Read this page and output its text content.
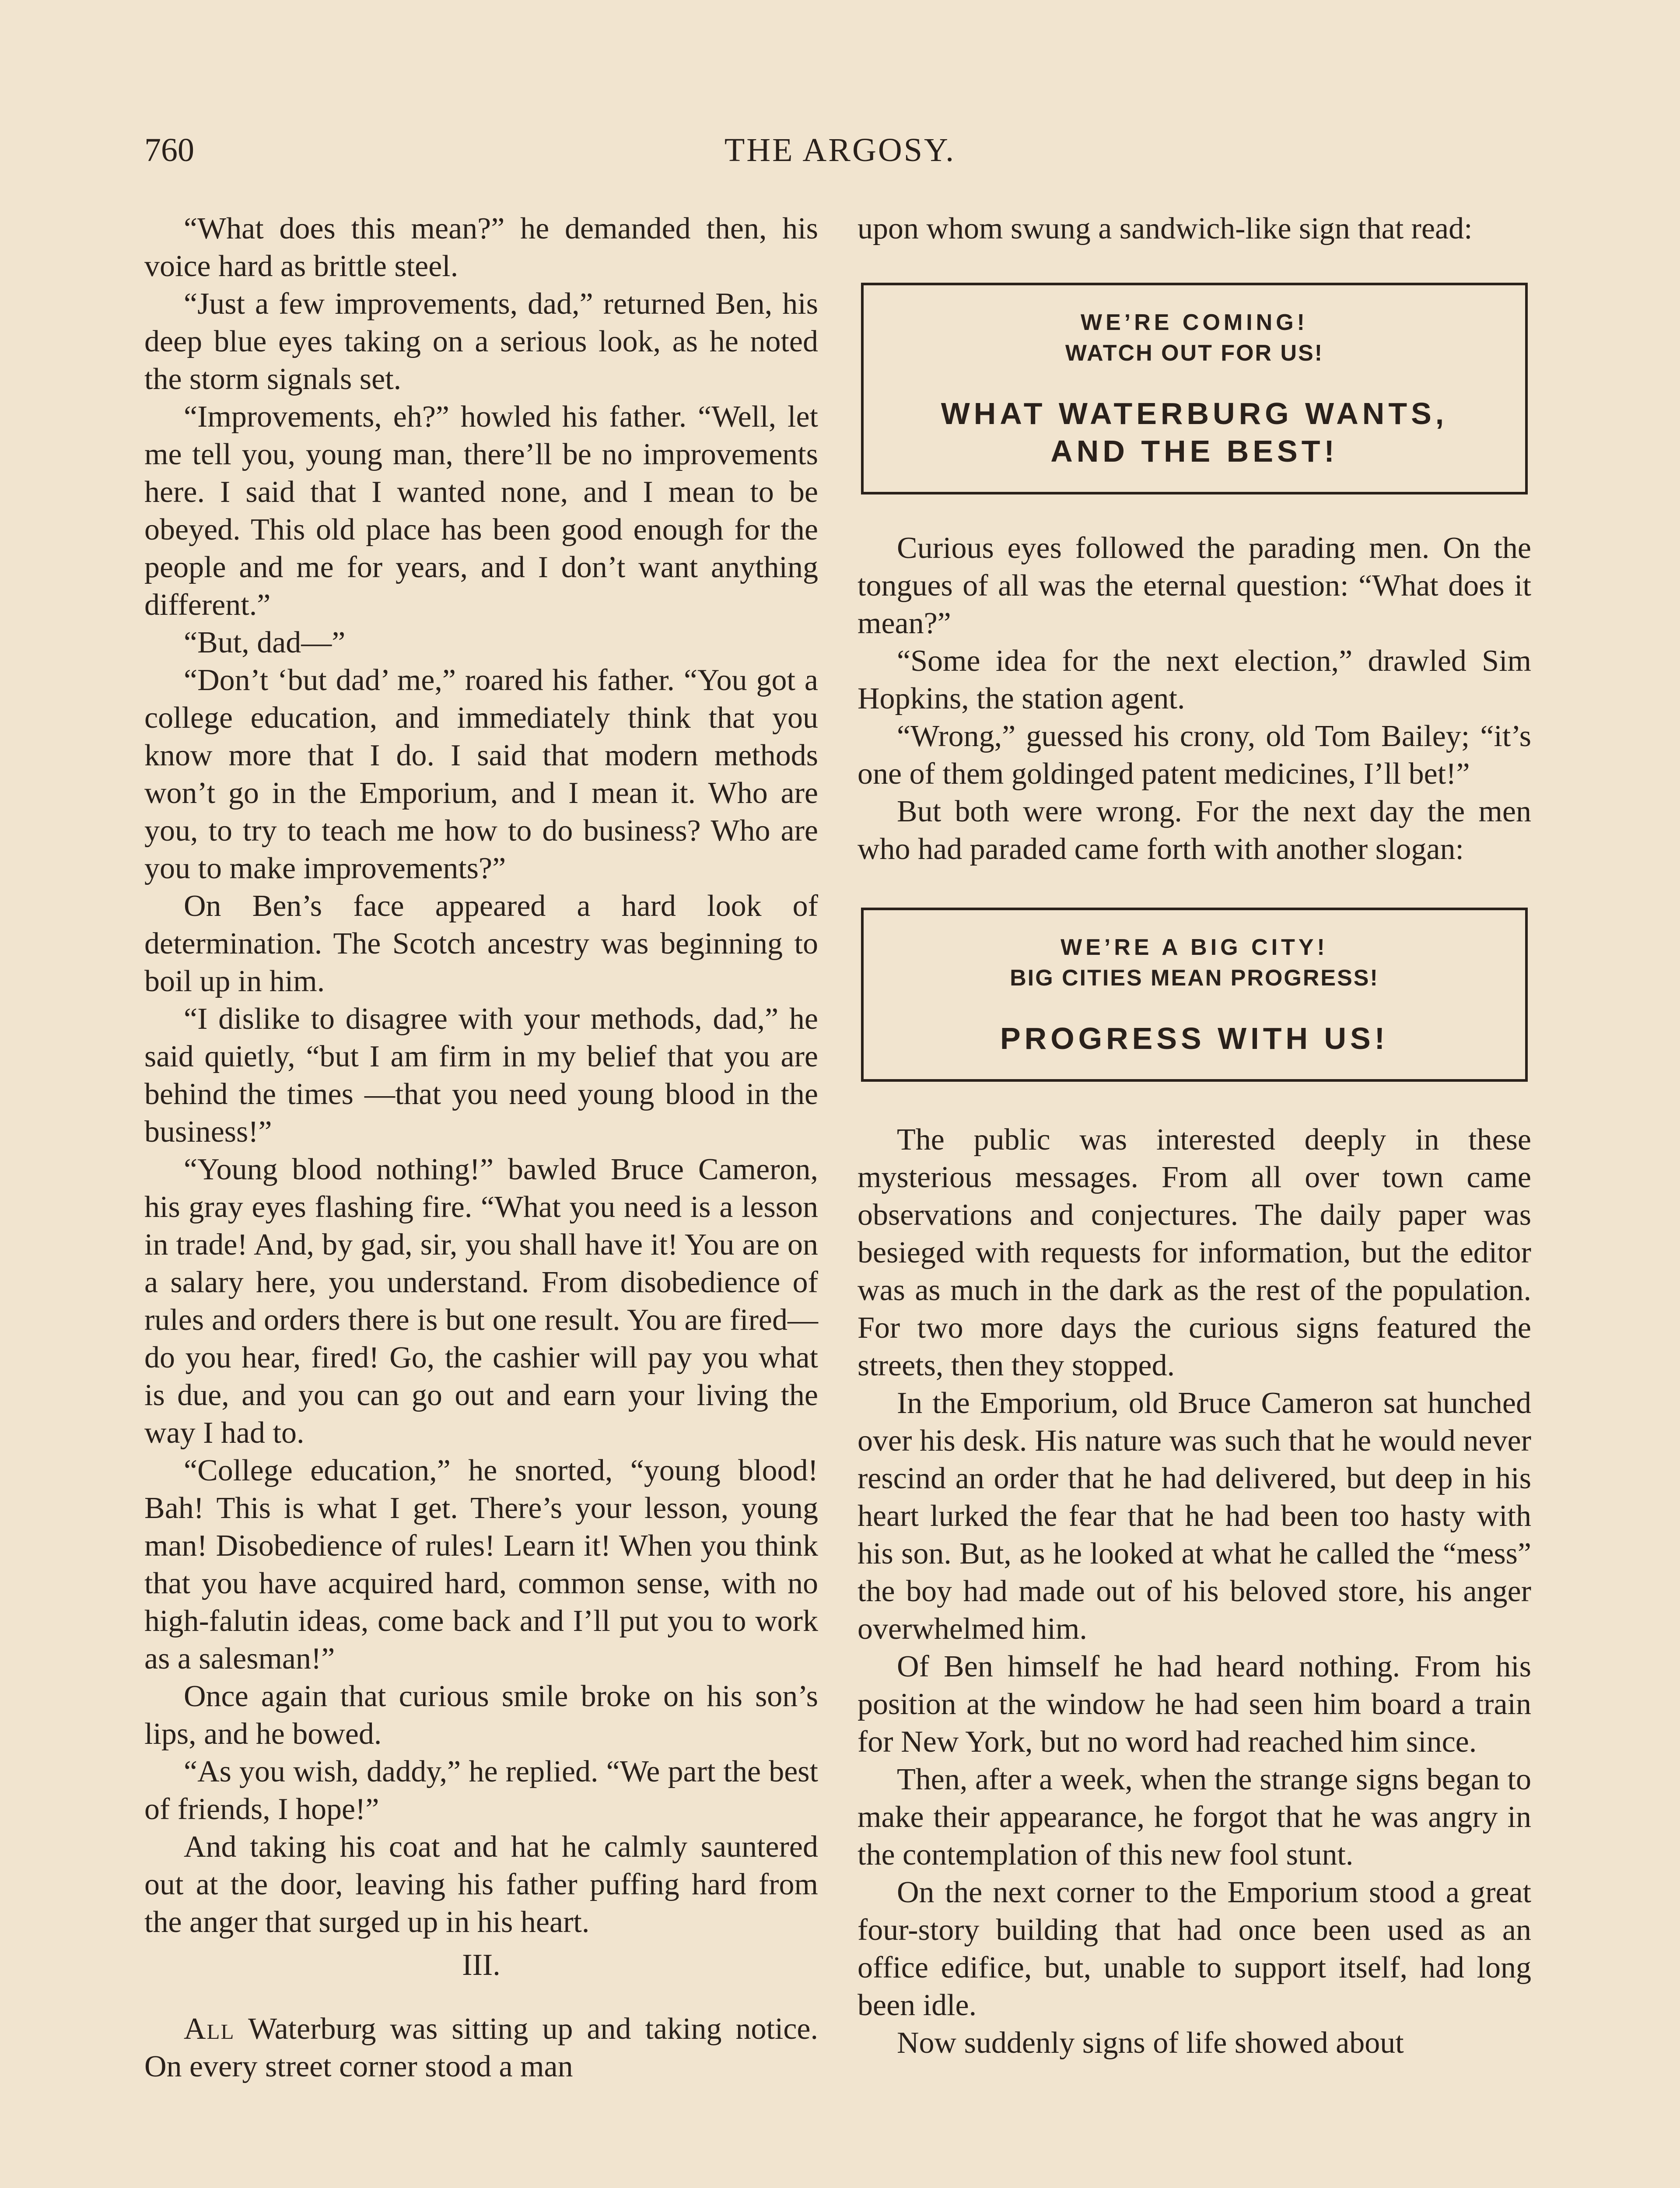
760	THE ARGOSY.

“What does this mean?” he demanded then, his voice hard as brittle steel.

“Just a few improvements, dad,” returned Ben, his deep blue eyes taking on a serious look, as he noted the storm signals set.

“Improvements, eh?” howled his father. “Well, let me tell you, young man, there’ll be no improvements here. I said that I wanted none, and I mean to be obeyed. This old place has been good enough for the people and me for years, and I don’t want anything different.”

“But, dad—”

“Don’t ‘but dad’ me,” roared his father. “You got a college education, and immediately think that you know more that I do. I said that modern methods won’t go in the Emporium, and I mean it. Who are you, to try to teach me how to do business? Who are you to make improvements?”

On Ben’s face appeared a hard look of determination. The Scotch ancestry was beginning to boil up in him.

“I dislike to disagree with your methods, dad,” he said quietly, “but I am firm in my belief that you are behind the times —that you need young blood in the business!”

“Young blood nothing!” bawled Bruce Cameron, his gray eyes flashing fire. “What you need is a lesson in trade! And, by gad, sir, you shall have it! You are on a salary here, you understand. From disobedience of rules and orders there is but one result. You are fired—do you hear, fired! Go, the cashier will pay you what is due, and you can go out and earn your living the way I had to.

“College education,” he snorted, “young blood! Bah! This is what I get. There’s your lesson, young man! Disobedience of rules! Learn it! When you think that you have acquired hard, common sense, with no high-falutin ideas, come back and I’ll put you to work as a salesman!”

Once again that curious smile broke on his son’s lips, and he bowed.

“As you wish, daddy,” he replied. “We part the best of friends, I hope!”

And taking his coat and hat he calmly sauntered out at the door, leaving his father puffing hard from the anger that surged up in his heart.

III.

All Waterburg was sitting up and taking notice. On every street corner stood a man

upon whom swung a sandwich-like sign that read:

WE’RE COMING!
WATCH OUT FOR US!
WHAT WATERBURG WANTS,
AND THE BEST!

Curious eyes followed the parading men. On the tongues of all was the eternal question: “What does it mean?”

“Some idea for the next election,” drawled Sim Hopkins, the station agent.

“Wrong,” guessed his crony, old Tom Bailey; “it’s one of them goldinged patent medicines, I’ll bet!”

But both were wrong. For the next day the men who had paraded came forth with another slogan:

WE’RE A BIG CITY!
BIG CITIES MEAN PROGRESS!
PROGRESS WITH US!

The public was interested deeply in these mysterious messages. From all over town came observations and conjectures. The daily paper was besieged with requests for information, but the editor was as much in the dark as the rest of the population. For two more days the curious signs featured the streets, then they stopped.

In the Emporium, old Bruce Cameron sat hunched over his desk. His nature was such that he would never rescind an order that he had delivered, but deep in his heart lurked the fear that he had been too hasty with his son. But, as he looked at what he called the “mess” the boy had made out of his beloved store, his anger overwhelmed him.

Of Ben himself he had heard nothing. From his position at the window he had seen him board a train for New York, but no word had reached him since.

Then, after a week, when the strange signs began to make their appearance, he forgot that he was angry in the contemplation of this new fool stunt.

On the next corner to the Emporium stood a great four-story building that had once been used as an office edifice, but, unable to support itself, had long been idle.

Now suddenly signs of life showed about
